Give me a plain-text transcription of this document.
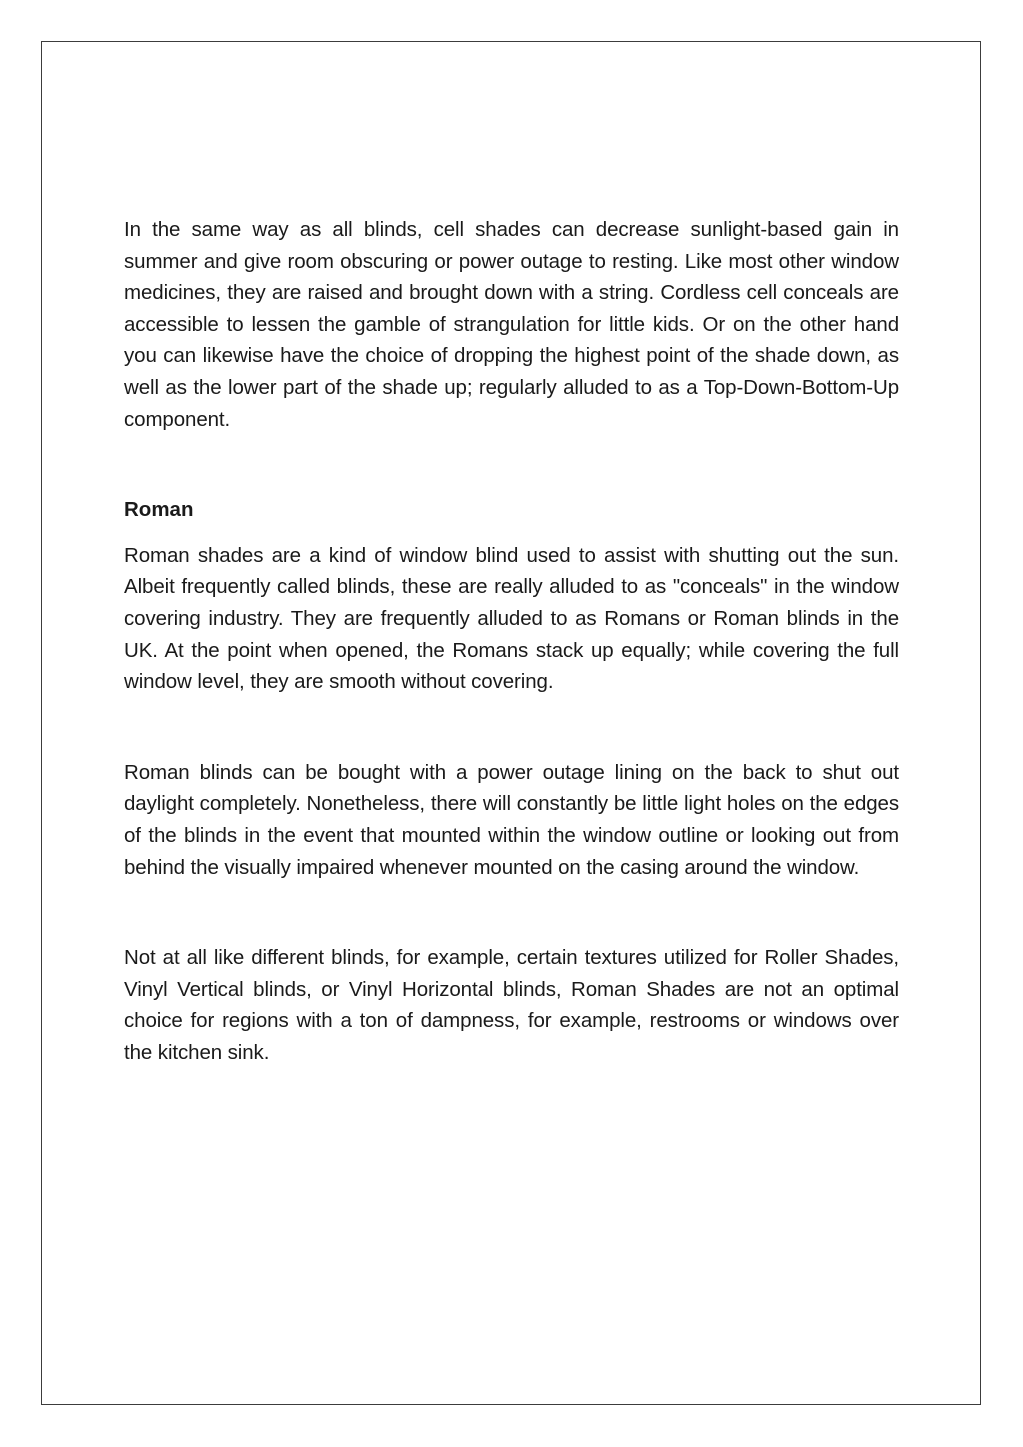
In the same way as all blinds, cell shades can decrease sunlight-based gain in summer and give room obscuring or power outage to resting. Like most other window medicines, they are raised and brought down with a string. Cordless cell conceals are accessible to lessen the gamble of strangulation for little kids. Or on the other hand you can likewise have the choice of dropping the highest point of the shade down, as well as the lower part of the shade up; regularly alluded to as a Top-Down-Bottom-Up component.

Roman

Roman shades are a kind of window blind used to assist with shutting out the sun. Albeit frequently called blinds, these are really alluded to as "conceals" in the window covering industry. They are frequently alluded to as Romans or Roman blinds in the UK. At the point when opened, the Romans stack up equally; while covering the full window level, they are smooth without covering.

Roman blinds can be bought with a power outage lining on the back to shut out daylight completely. Nonetheless, there will constantly be little light holes on the edges of the blinds in the event that mounted within the window outline or looking out from behind the visually impaired whenever mounted on the casing around the window.

Not at all like different blinds, for example, certain textures utilized for Roller Shades, Vinyl Vertical blinds, or Vinyl Horizontal blinds, Roman Shades are not an optimal choice for regions with a ton of dampness, for example, restrooms or windows over the kitchen sink.
